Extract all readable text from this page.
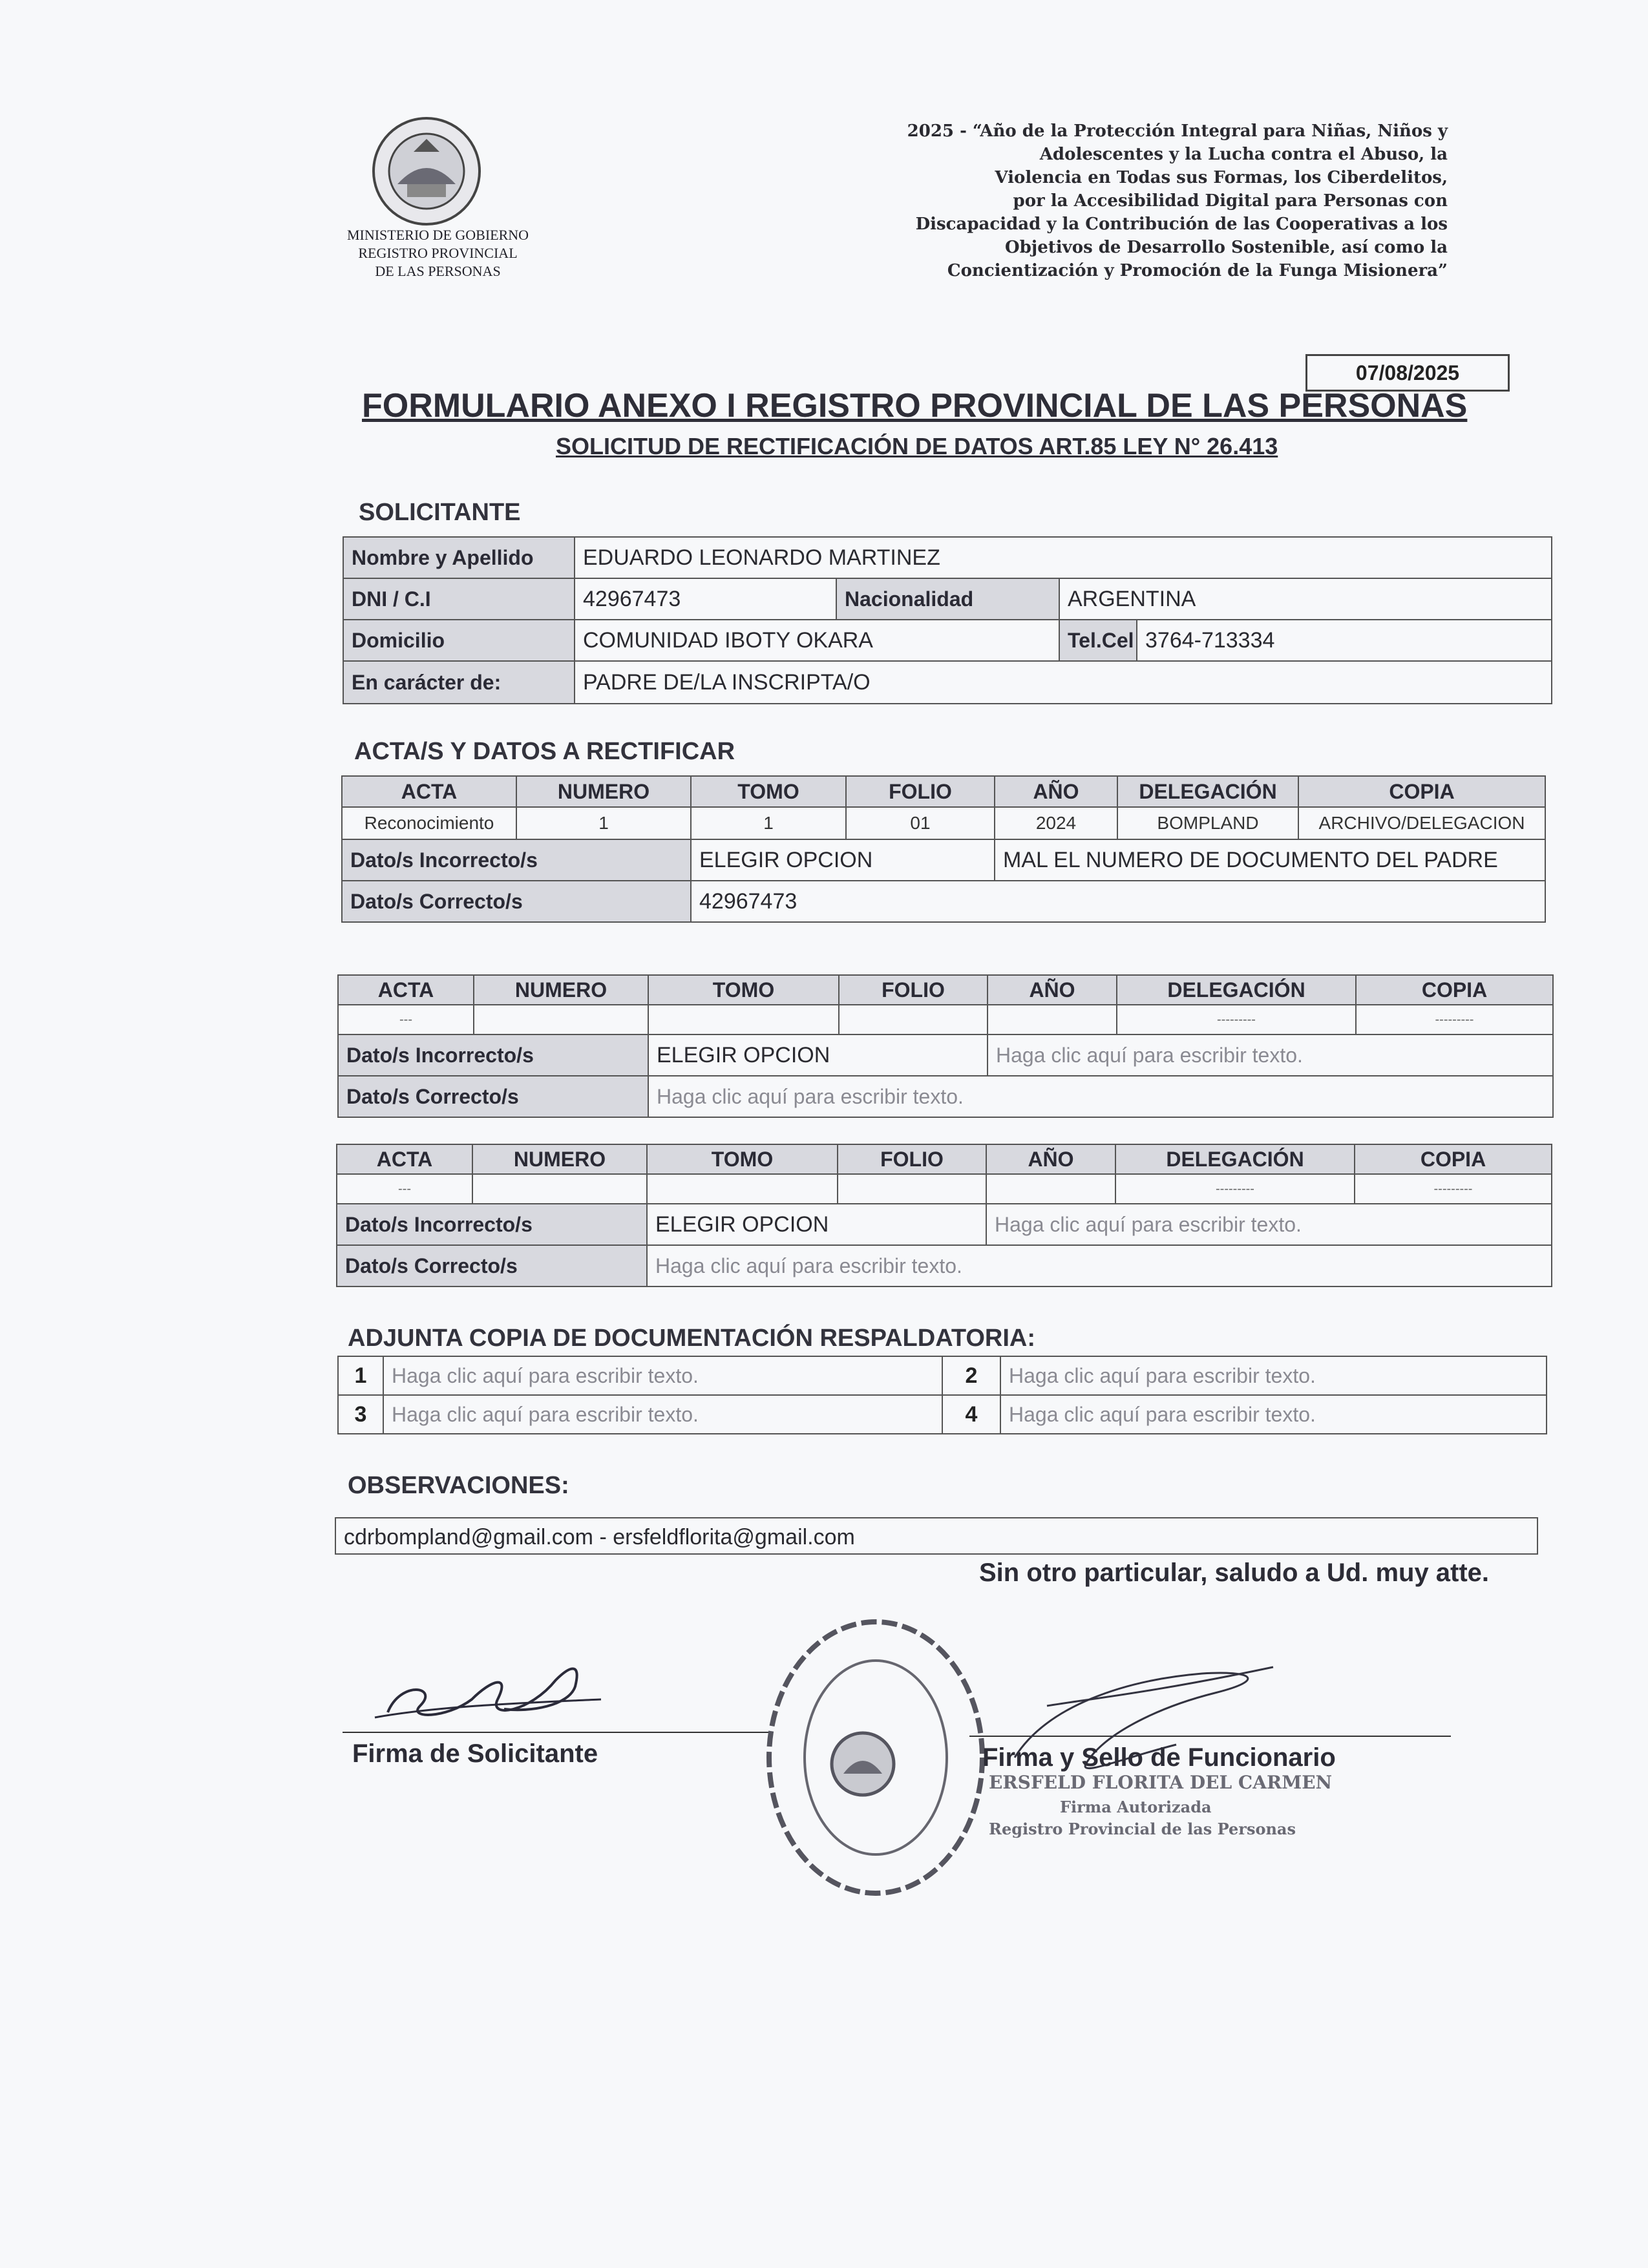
MINISTERIO DE GOBIERNO
REGISTRO PROVINCIAL
DE LAS PERSONAS
2025 - “Año de la Protección Integral para Niñas, Niños y
Adolescentes y la Lucha contra el Abuso, la
Violencia en Todas sus Formas, los Ciberdelitos,
por la Accesibilidad Digital para Personas con
Discapacidad y la Contribución de las Cooperativas a los
Objetivos de Desarrollo Sostenible, así como la
Concientización y Promoción de la Funga Misionera”
07/08/2025
FORMULARIO ANEXO I REGISTRO PROVINCIAL DE LAS PERSONAS
SOLICITUD DE RECTIFICACIÓN DE DATOS ART.85 LEY N° 26.413
SOLICITANTE
Nombre y Apellido	EDUARDO LEONARDO MARTINEZ			
DNI / C.I	42967473	Nacionalidad	ARGENTINA	
Domicilio	COMUNIDAD IBOTY OKARA		Tel.Cel	3764-713334
En carácter de:	PADRE DE/LA INSCRIPTA/O			
ACTA/S Y DATOS A RECTIFICAR
ACTA	NUMERO	TOMO	FOLIO	AÑO	DELEGACIÓN	COPIA
Reconocimiento	1	1	01	2024	BOMPLAND	ARCHIVO/DELEGACION
Dato/s Incorrecto/s		ELEGIR OPCION		MAL EL NUMERO DE DOCUMENTO DEL PADRE		
Dato/s Correcto/s		42967473				
ACTA	NUMERO	TOMO	FOLIO	AÑO	DELEGACIÓN	COPIA
---					---------	---------
Dato/s Incorrecto/s		ELEGIR OPCION		Haga clic aquí para escribir texto.		
Dato/s Correcto/s		Haga clic aquí para escribir texto.				
ACTA	NUMERO	TOMO	FOLIO	AÑO	DELEGACIÓN	COPIA
---					---------	---------
Dato/s Incorrecto/s		ELEGIR OPCION		Haga clic aquí para escribir texto.		
Dato/s Correcto/s		Haga clic aquí para escribir texto.				
ADJUNTA COPIA DE DOCUMENTACIÓN RESPALDATORIA:
1	Haga clic aquí para escribir texto.	2	Haga clic aquí para escribir texto.
3	Haga clic aquí para escribir texto.	4	Haga clic aquí para escribir texto.
OBSERVACIONES:
cdrbompland@gmail.com - ersfeldflorita@gmail.com
Sin otro particular, saludo a Ud. muy atte.
Firma de Solicitante	Firma y Sello de Funcionario
ERSFELD FLORITA DEL CARMEN
Firma Autorizada
Registro Provincial de las Personas
